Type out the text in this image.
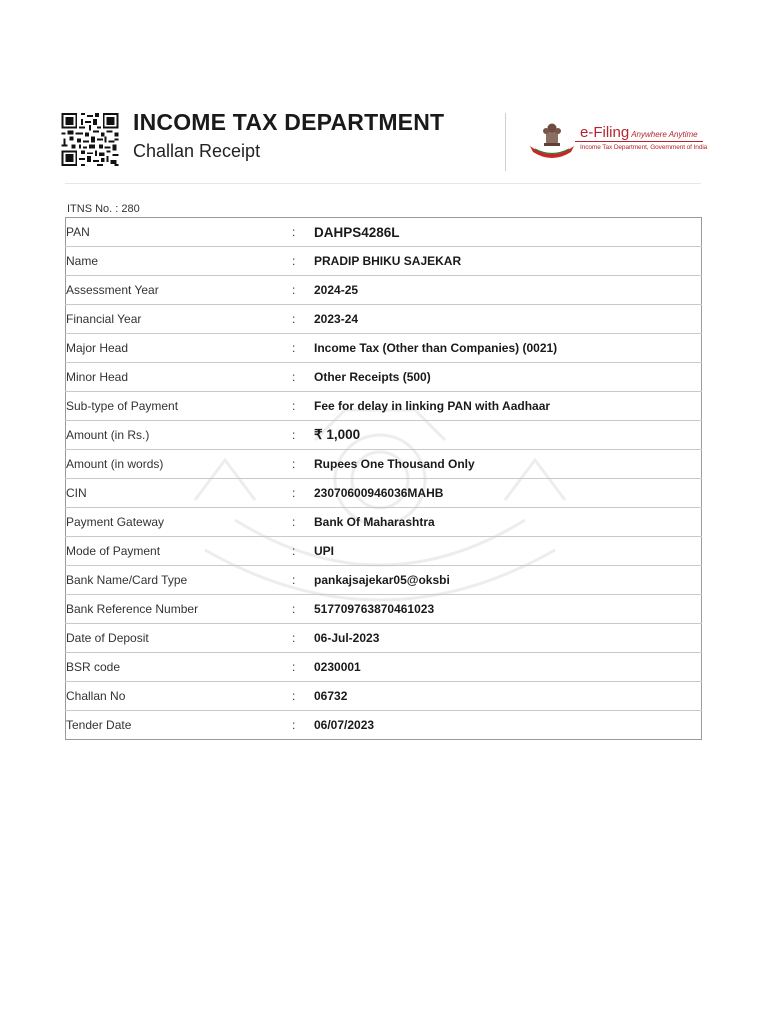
INCOME TAX DEPARTMENT
Challan Receipt
e-Filing Anywhere Anytime
Income Tax Department, Government of India
ITNS No. : 280
PAN	:	DAHPS4286L
Name	:	PRADIP BHIKU SAJEKAR
Assessment Year	:	2024-25
Financial Year	:	2023-24
Major Head	:	Income Tax (Other than Companies) (0021)
Minor Head	:	Other Receipts (500)
Sub-type of Payment	:	Fee for delay in linking PAN with Aadhaar
Amount (in Rs.)	:	₹ 1,000
Amount (in words)	:	Rupees One Thousand Only
CIN	:	23070600946036MAHB
Payment Gateway	:	Bank Of Maharashtra
Mode of Payment	:	UPI
Bank Name/Card Type	:	pankajsajekar05@oksbi
Bank Reference Number	:	517709763870461023
Date of Deposit	:	06-Jul-2023
BSR code	:	0230001
Challan No	:	06732
Tender Date	:	06/07/2023
